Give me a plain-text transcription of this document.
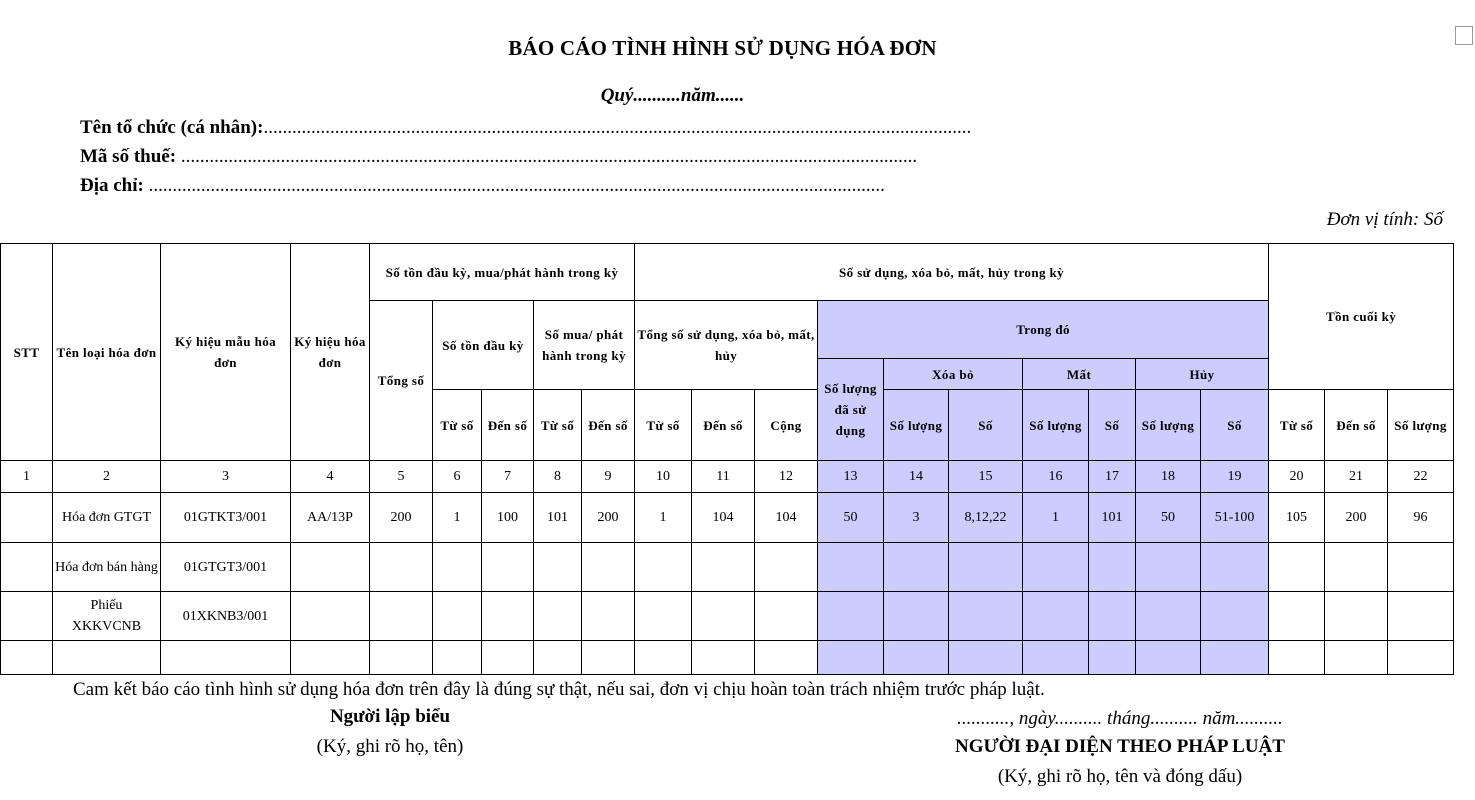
BÁO CÁO TÌNH HÌNH SỬ DỤNG HÓA ĐƠN
Quý..........năm......
Tên tổ chức (cá nhân):.....................................................................................................................................................
Mã số thuế: ...........................................................................................................................................................
Địa chỉ: ...........................................................................................................................................................
Đơn vị tính: Số
STT	Tên loại hóa đơn	Ký hiệu mẫu hóa đơn	Ký hiệu hóa đơn	Số tồn đầu kỳ, mua/phát hành trong kỳ					Số sử dụng, xóa bỏ, mất, hủy trong kỳ										Tồn cuối kỳ		
				Tổng số	Số tồn đầu kỳ		Số mua/ phát hành trong kỳ		Tổng số sử dụng, xóa bỏ, mất, hủy			Trong đó									
												Số lượng đã sử dụng	Xóa bỏ		Mất		Hủy				
					Từ số	Đến số	Từ số	Đến số	Từ số	Đến số	Cộng		Số lượng	Số	Số lượng	Số	Số lượng	Số	Từ số	Đến số	Số lượng
1	2	3	4	5	6	7	8	9	10	11	12	13	14	15	16	17	18	19	20	21	22
	Hóa đơn GTGT	01GTKT3/001	AA/13P	200	1	100	101	200	1	104	104	50	3	8,12,22	1	101	50	51-100	105	200	96
	Hóa đơn bán hàng	01GTGT3/001																			
	Phiếu XKKVCNB	01XKNB3/001																			

Cam kết báo cáo tình hình sử dụng hóa đơn trên đây là đúng sự thật, nếu sai, đơn vị chịu hoàn toàn trách nhiệm trước pháp luật.
Người lập biểu
(Ký, ghi rõ họ, tên)
..........., ngày.......... tháng.......... năm..........
NGƯỜI ĐẠI DIỆN THEO PHÁP LUẬT
(Ký, ghi rõ họ, tên và đóng dấu)
